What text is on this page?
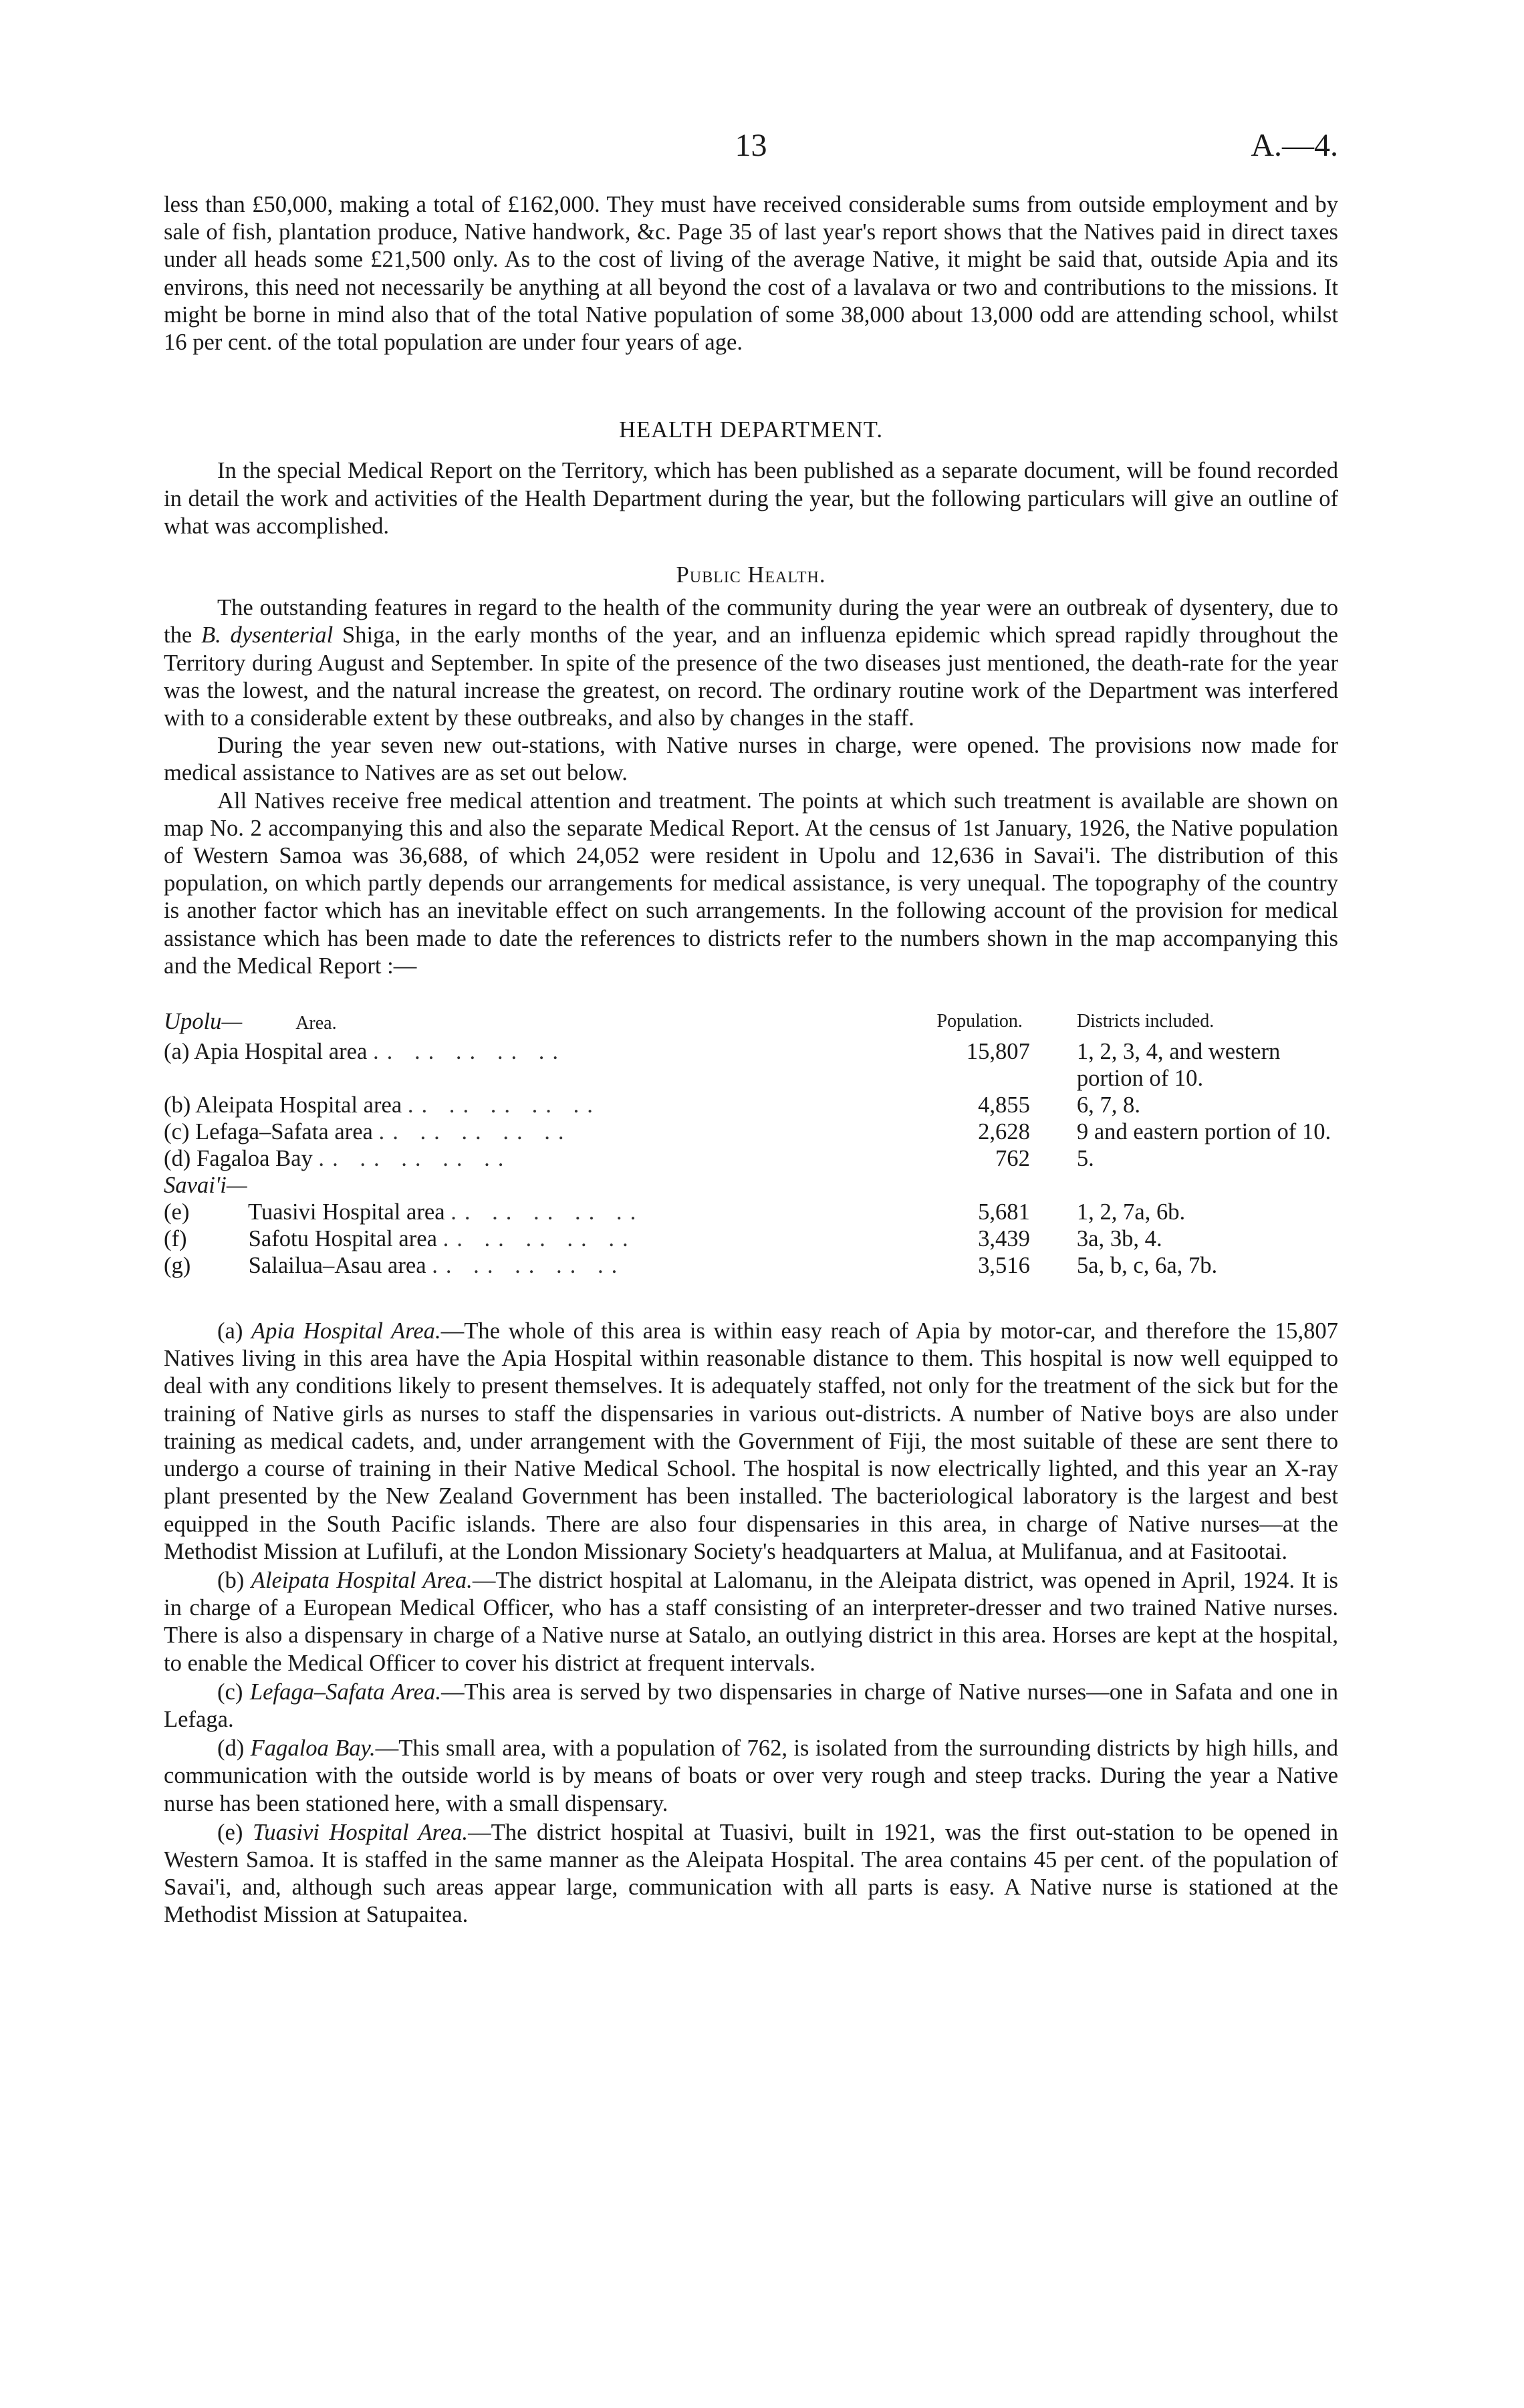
13	A.—4.

less than £50,000, making a total of £162,000. They must have received considerable sums from outside employment and by sale of fish, plantation produce, Native handwork, &c. Page 35 of last year's report shows that the Natives paid in direct taxes under all heads some £21,500 only. As to the cost of living of the average Native, it might be said that, outside Apia and its environs, this need not necessarily be anything at all beyond the cost of a lavalava or two and contributions to the missions. It might be borne in mind also that of the total Native population of some 38,000 about 13,000 odd are attending school, whilst 16 per cent. of the total population are under four years of age.

HEALTH DEPARTMENT.

In the special Medical Report on the Territory, which has been published as a separate document, will be found recorded in detail the work and activities of the Health Department during the year, but the following particulars will give an outline of what was accomplished.

Public Health.

The outstanding features in regard to the health of the community during the year were an outbreak of dysentery, due to the B. dysenterial Shiga, in the early months of the year, and an influenza epidemic which spread rapidly throughout the Territory during August and September. In spite of the presence of the two diseases just mentioned, the death-rate for the year was the lowest, and the natural increase the greatest, on record. The ordinary routine work of the Department was interfered with to a considerable extent by these outbreaks, and also by changes in the staff.

During the year seven new out-stations, with Native nurses in charge, were opened. The provisions now made for medical assistance to Natives are as set out below.

All Natives receive free medical attention and treatment. The points at which such treatment is available are shown on map No. 2 accompanying this and also the separate Medical Report. At the census of 1st January, 1926, the Native population of Western Samoa was 36,688, of which 24,052 were resident in Upolu and 12,636 in Savai'i. The distribution of this population, on which partly depends our arrangements for medical assistance, is very unequal. The topography of the country is another factor which has an inevitable effect on such arrangements. In the following account of the provision for medical assistance which has been made to date the references to districts refer to the numbers shown in the map accompanying this and the Medical Report :—

Upolu— Area.	Population.	Districts included.
(a) Apia Hospital area .. .. .. .. ..	15,807	1, 2, 3, 4, and western portion of 10.
(b) Aleipata Hospital area .. .. .. .. ..	4,855	6, 7, 8.
(c) Lefaga–Safata area .. .. .. .. ..	2,628	9 and eastern portion of 10.
(d) Fagaloa Bay .. .. .. .. ..	762	5.
Savai'i—		
(e) Tuasivi Hospital area .. .. .. .. ..	5,681	1, 2, 7a, 6b.
(f) Safotu Hospital area .. .. .. .. ..	3,439	3a, 3b, 4.
(g) Salailua–Asau area .. .. .. .. ..	3,516	5a, b, c, 6a, 7b.

(a) Apia Hospital Area.—The whole of this area is within easy reach of Apia by motor-car, and therefore the 15,807 Natives living in this area have the Apia Hospital within reasonable distance to them. This hospital is now well equipped to deal with any conditions likely to present themselves. It is adequately staffed, not only for the treatment of the sick but for the training of Native girls as nurses to staff the dispensaries in various out-districts. A number of Native boys are also under training as medical cadets, and, under arrangement with the Government of Fiji, the most suitable of these are sent there to undergo a course of training in their Native Medical School. The hospital is now electrically lighted, and this year an X-ray plant presented by the New Zealand Government has been installed. The bacteriological laboratory is the largest and best equipped in the South Pacific islands. There are also four dispensaries in this area, in charge of Native nurses—at the Methodist Mission at Lufilufi, at the London Missionary Society's headquarters at Malua, at Mulifanua, and at Fasitootai.

(b) Aleipata Hospital Area.—The district hospital at Lalomanu, in the Aleipata district, was opened in April, 1924. It is in charge of a European Medical Officer, who has a staff consisting of an interpreter-dresser and two trained Native nurses. There is also a dispensary in charge of a Native nurse at Satalo, an outlying district in this area. Horses are kept at the hospital, to enable the Medical Officer to cover his district at frequent intervals.

(c) Lefaga–Safata Area.—This area is served by two dispensaries in charge of Native nurses—one in Safata and one in Lefaga.

(d) Fagaloa Bay.—This small area, with a population of 762, is isolated from the surrounding districts by high hills, and communication with the outside world is by means of boats or over very rough and steep tracks. During the year a Native nurse has been stationed here, with a small dispensary.

(e) Tuasivi Hospital Area.—The district hospital at Tuasivi, built in 1921, was the first out-station to be opened in Western Samoa. It is staffed in the same manner as the Aleipata Hospital. The area contains 45 per cent. of the population of Savai'i, and, although such areas appear large, communication with all parts is easy. A Native nurse is stationed at the Methodist Mission at Satupaitea.
